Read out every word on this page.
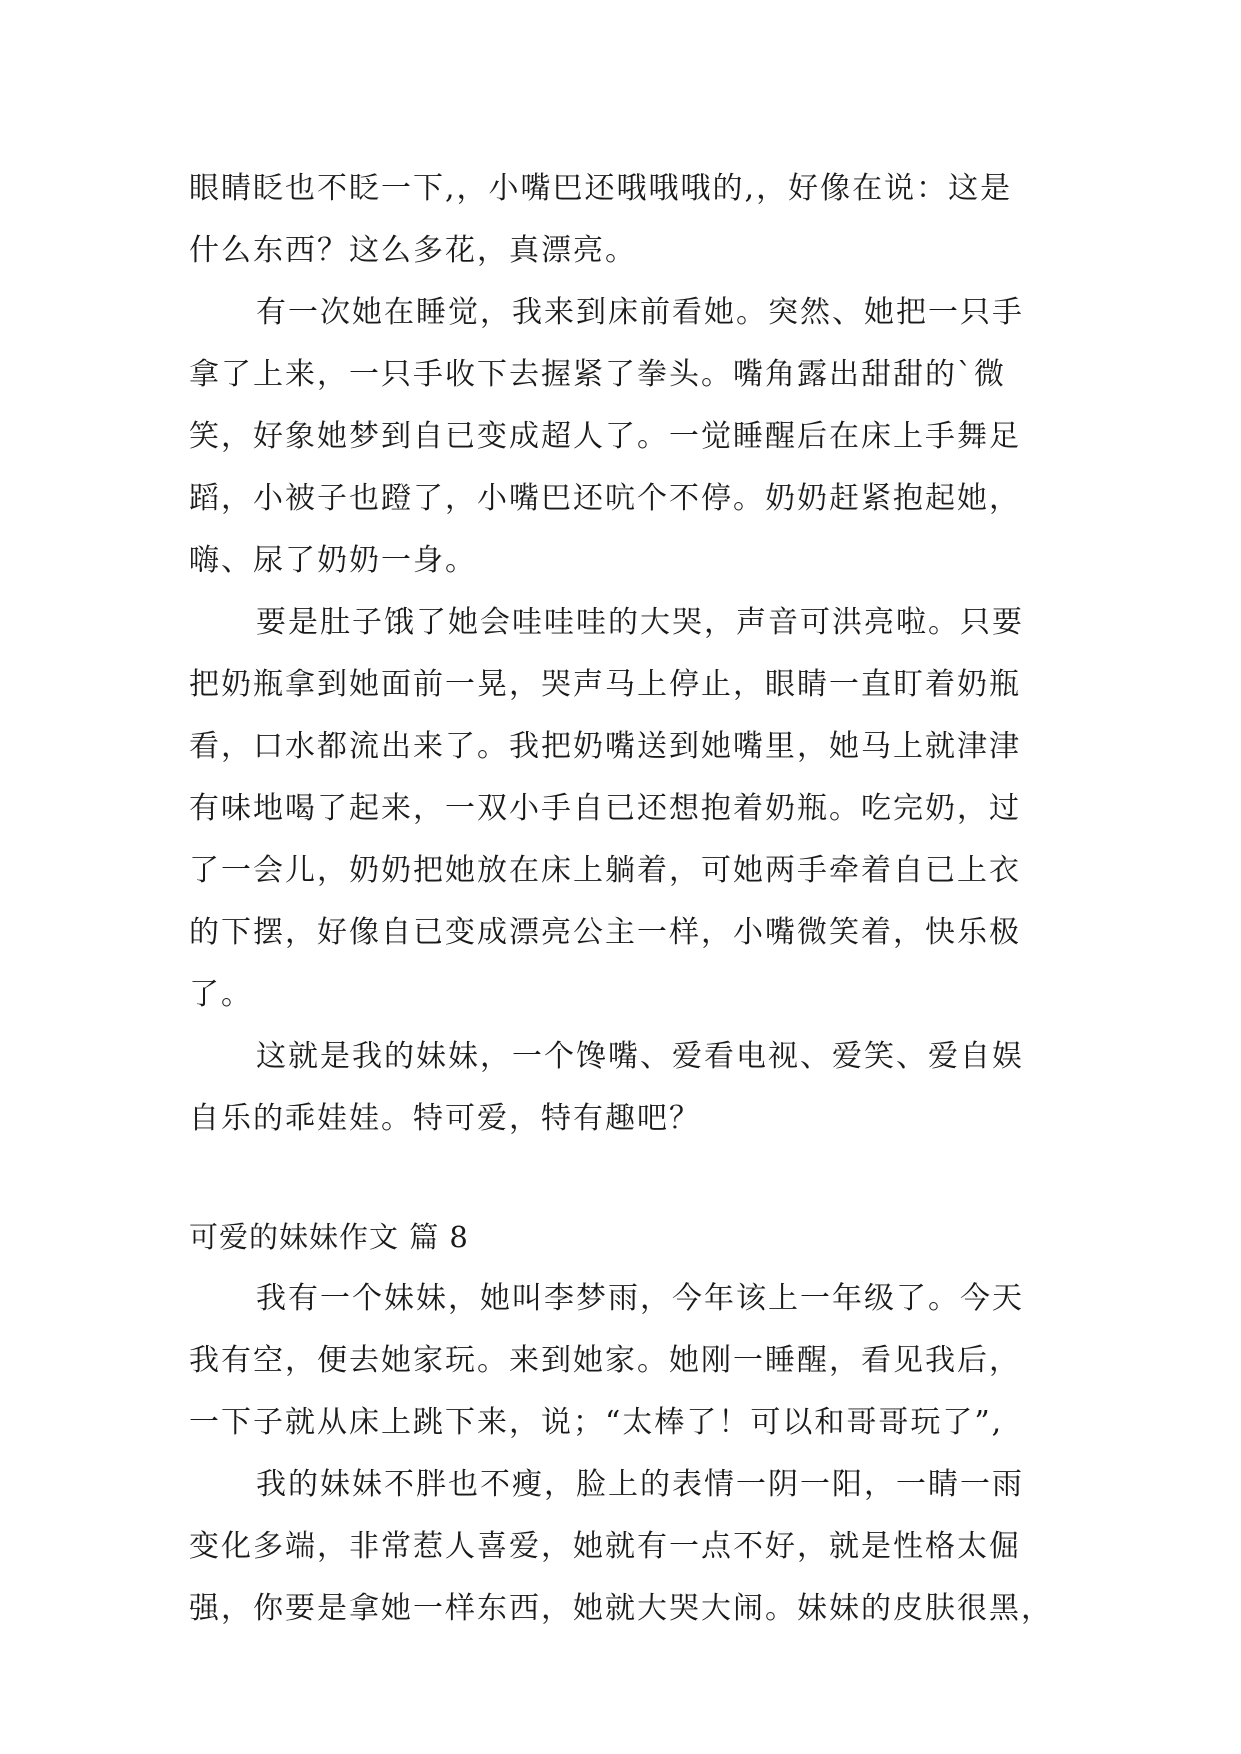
眼睛眨也不眨一下,，小嘴巴还哦哦哦的,，好像在说：这是
什么东西？这么多花，真漂亮。
有一次她在睡觉，我来到床前看她。突然、她把一只手
拿了上来，一只手收下去握紧了拳头。嘴角露出甜甜的`微
笑，好象她梦到自已变成超人了。一觉睡醒后在床上手舞足
蹈，小被子也蹬了，小嘴巴还吭个不停。奶奶赶紧抱起她，
嗨、尿了奶奶一身。
要是肚子饿了她会哇哇哇的大哭，声音可洪亮啦。只要
把奶瓶拿到她面前一晃，哭声马上停止，眼睛一直盯着奶瓶
看，口水都流出来了。我把奶嘴送到她嘴里，她马上就津津
有味地喝了起来，一双小手自已还想抱着奶瓶。吃完奶，过
了一会儿，奶奶把她放在床上躺着，可她两手牵着自已上衣
的下摆，好像自已变成漂亮公主一样，小嘴微笑着，快乐极
了。
这就是我的妹妹，一个馋嘴、爱看电视、爱笑、爱自娱
自乐的乖娃娃。特可爱，特有趣吧？
可爱的妹妹作文 篇 8
我有一个妹妹，她叫李梦雨，今年该上一年级了。今天
我有空，便去她家玩。来到她家。她刚一睡醒，看见我后，
一下子就从床上跳下来，说；“太棒了！可以和哥哥玩了”,
我的妹妹不胖也不瘦，脸上的表情一阴一阳，一睛一雨
变化多端，非常惹人喜爱，她就有一点不好，就是性格太倔
强，你要是拿她一样东西，她就大哭大闹。妹妹的皮肤很黑，
